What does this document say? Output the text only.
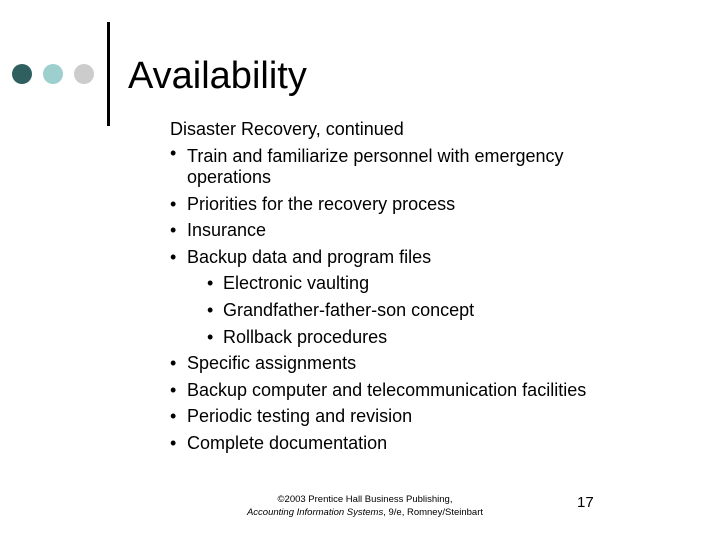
Availability
Disaster Recovery, continued
• Train and familiarize personnel with emergency operations
• Priorities for the recovery process
• Insurance
• Backup data and program files
• Electronic vaulting
• Grandfather-father-son concept
• Rollback procedures
• Specific assignments
• Backup computer and telecommunication facilities
• Periodic testing and revision
• Complete documentation
©2003 Prentice Hall Business Publishing,
Accounting Information Systems, 9/e, Romney/Steinbart
17
